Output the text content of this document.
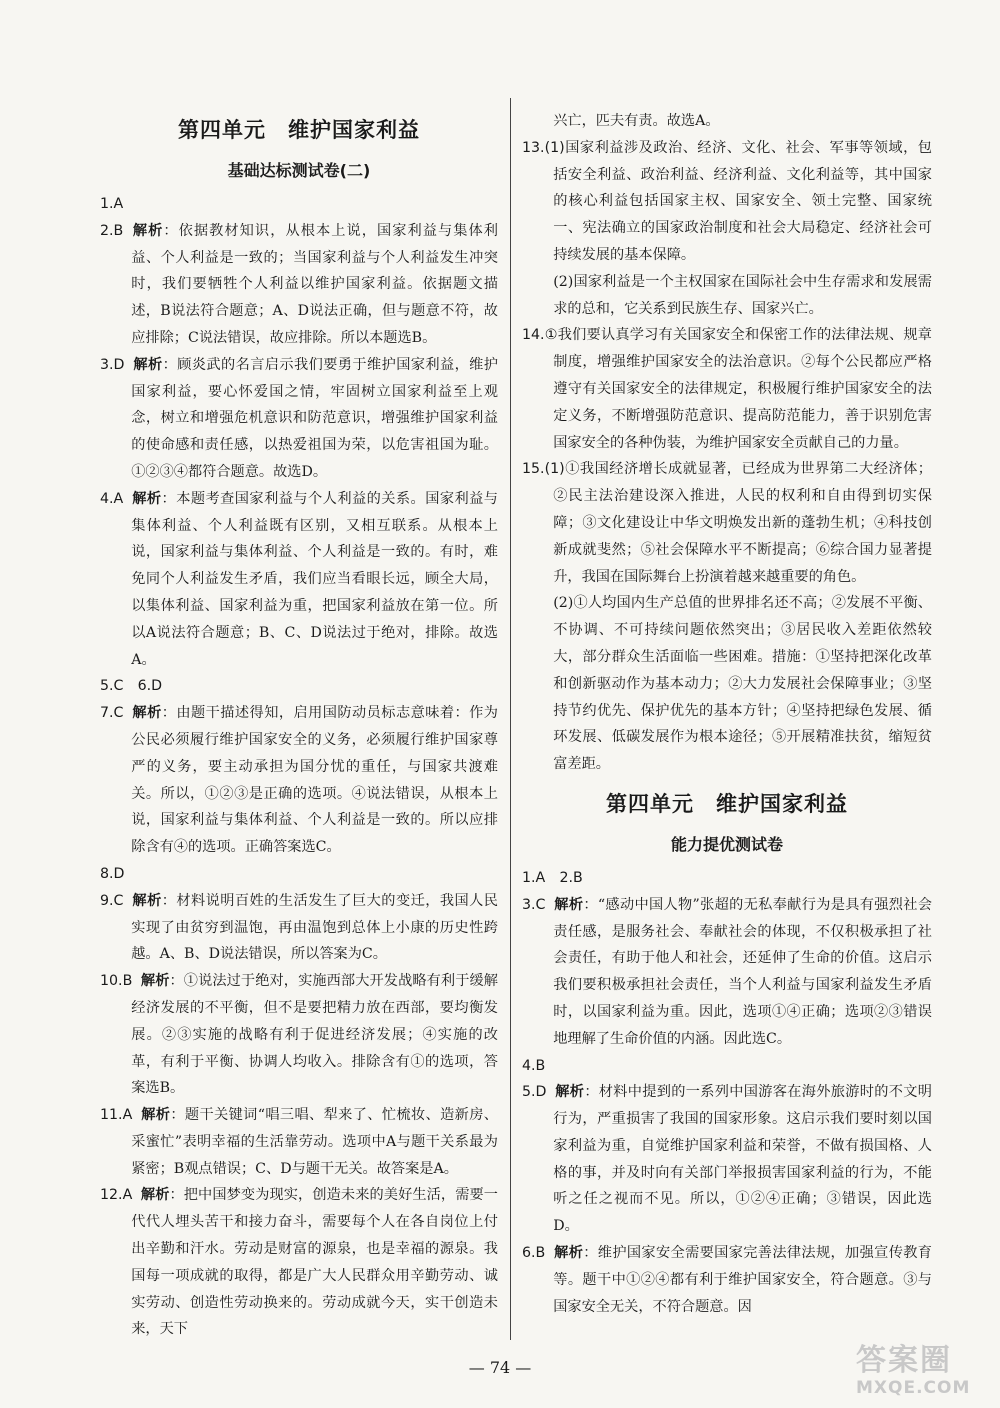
第四单元　维护国家利益
基础达标测试卷(二)
1.A
2.B 解析：依据教材知识，从根本上说，国家利益与集体利益、个人利益是一致的；当国家利益与个人利益发生冲突时，我们要牺牲个人利益以维护国家利益。依据题文描述，B说法符合题意；A、D说法正确，但与题意不符，故应排除；C说法错误，故应排除。所以本题选B。
3.D 解析：顾炎武的名言启示我们要勇于维护国家利益，维护国家利益，要心怀爱国之情，牢固树立国家利益至上观念，树立和增强危机意识和防范意识，增强维护国家利益的使命感和责任感，以热爱祖国为荣，以危害祖国为耻。①②③④都符合题意。故选D。
4.A 解析：本题考查国家利益与个人利益的关系。国家利益与集体利益、个人利益既有区别，又相互联系。从根本上说，国家利益与集体利益、个人利益是一致的。有时，难免同个人利益发生矛盾，我们应当看眼长远，顾全大局，以集体利益、国家利益为重，把国家利益放在第一位。所以A说法符合题意；B、C、D说法过于绝对，排除。故选A。
5.C　6.D
7.C 解析：由题干描述得知，启用国防动员标志意味着：作为公民必须履行维护国家安全的义务，必须履行维护国家尊严的义务，要主动承担为国分忧的重任，与国家共渡难关。所以，①②③是正确的选项。④说法错误，从根本上说，国家利益与集体利益、个人利益是一致的。所以应排除含有④的选项。正确答案选C。
8.D
9.C 解析：材料说明百姓的生活发生了巨大的变迁，我国人民实现了由贫穷到温饱，再由温饱到总体上小康的历史性跨越。A、B、D说法错误，所以答案为C。
10.B 解析：①说法过于绝对，实施西部大开发战略有利于缓解经济发展的不平衡，但不是要把精力放在西部，要均衡发展。②③实施的战略有利于促进经济发展；④实施的改革，有利于平衡、协调人均收入。排除含有①的选项，答案选B。
11.A 解析：题干关键词“唱三唱、犁来了、忙梳妆、造新房、采蜜忙”表明幸福的生活靠劳动。选项中A与题干关系最为紧密；B观点错误；C、D与题干无关。故答案是A。
12.A 解析：把中国梦变为现实，创造未来的美好生活，需要一代代人埋头苦干和接力奋斗，需要每个人在各自岗位上付出辛勤和汗水。劳动是财富的源泉，也是幸福的源泉。我国每一项成就的取得，都是广大人民群众用辛勤劳动、诚实劳动、创造性劳动换来的。劳动成就今天，实干创造未来，天下
兴亡，匹夫有责。故选A。
13.(1)国家利益涉及政治、经济、文化、社会、军事等领域，包括安全利益、政治利益、经济利益、文化利益等，其中国家的核心利益包括国家主权、国家安全、领土完整、国家统一、宪法确立的国家政治制度和社会大局稳定、经济社会可持续发展的基本保障。
(2)国家利益是一个主权国家在国际社会中生存需求和发展需求的总和，它关系到民族生存、国家兴亡。
14.①我们要认真学习有关国家安全和保密工作的法律法规、规章制度，增强维护国家安全的法治意识。②每个公民都应严格遵守有关国家安全的法律规定，积极履行维护国家安全的法定义务，不断增强防范意识、提高防范能力，善于识别危害国家安全的各种伪装，为维护国家安全贡献自己的力量。
15.(1)①我国经济增长成就显著，已经成为世界第二大经济体；②民主法治建设深入推进，人民的权利和自由得到切实保障；③文化建设让中华文明焕发出新的蓬勃生机；④科技创新成就斐然；⑤社会保障水平不断提高；⑥综合国力显著提升，我国在国际舞台上扮演着越来越重要的角色。
(2)①人均国内生产总值的世界排名还不高；②发展不平衡、不协调、不可持续问题依然突出；③居民收入差距依然较大，部分群众生活面临一些困难。措施：①坚持把深化改革和创新驱动作为基本动力；②大力发展社会保障事业；③坚持节约优先、保护优先的基本方针；④坚持把绿色发展、循环发展、低碳发展作为根本途径；⑤开展精准扶贫，缩短贫富差距。
第四单元　维护国家利益
能力提优测试卷
1.A　2.B
3.C 解析：“感动中国人物”张超的无私奉献行为是具有强烈社会责任感，是服务社会、奉献社会的体现，不仅积极承担了社会责任，有助于他人和社会，还延伸了生命的价值。这启示我们要积极承担社会责任，当个人利益与国家利益发生矛盾时，以国家利益为重。因此，选项①④正确；选项②③错误地理解了生命价值的内涵。因此选C。
4.B
5.D 解析：材料中提到的一系列中国游客在海外旅游时的不文明行为，严重损害了我国的国家形象。这启示我们要时刻以国家利益为重，自觉维护国家利益和荣誉，不做有损国格、人格的事，并及时向有关部门举报损害国家利益的行为，不能听之任之视而不见。所以，①②④正确；③错误，因此选D。
6.B 解析：维护国家安全需要国家完善法律法规，加强宣传教育等。题干中①②④都有利于维护国家安全，符合题意。③与国家安全无关，不符合题意。因
— 74 —	答案圈
MXQE.COM
